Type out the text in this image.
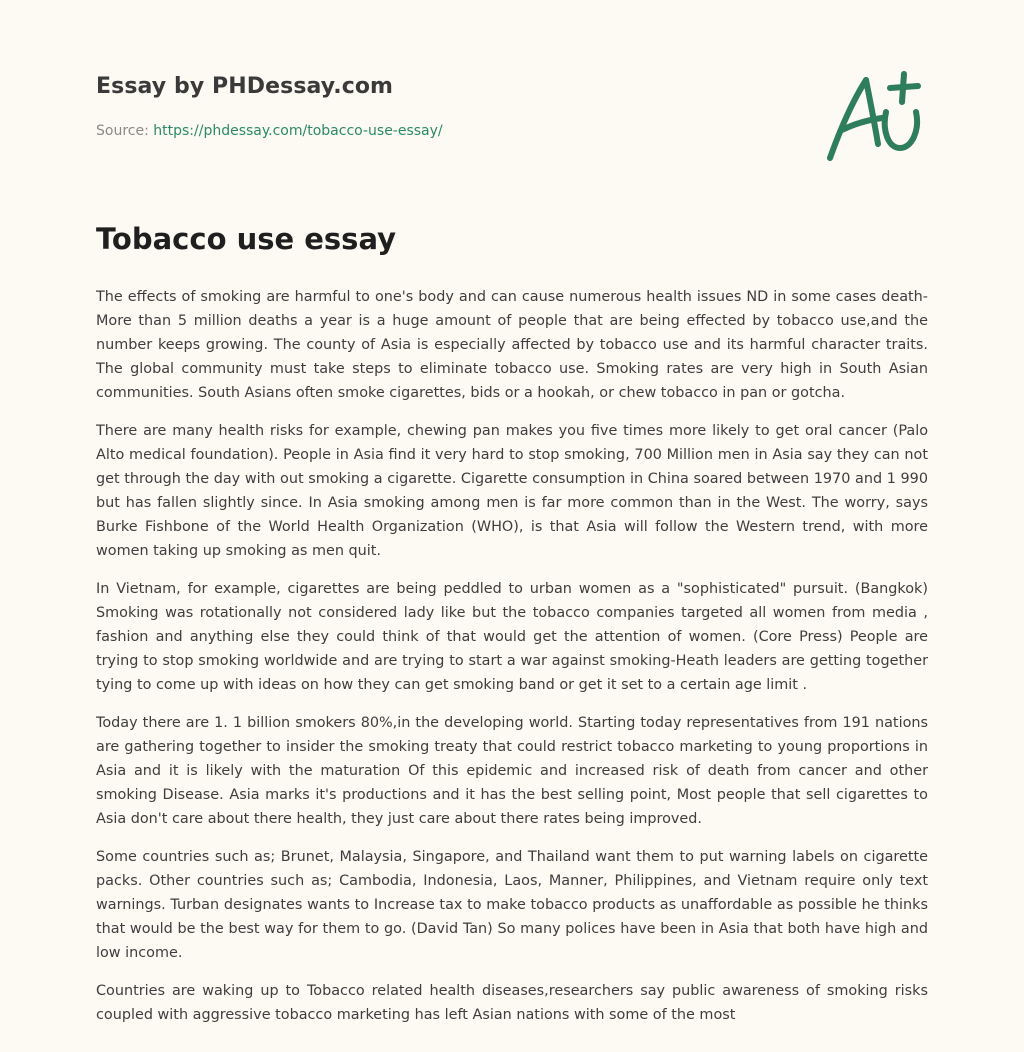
Essay by PHDessay.com
Source: https://phdessay.com/tobacco-use-essay/
Tobacco use essay

The effects of smoking are harmful to one's body and can cause numerous health issues ND in some cases death-More than 5 million deaths a year is a huge amount of people that are being effected by tobacco use,and the number keeps growing. The county of Asia is especially affected by tobacco use and its harmful character traits. The global community must take steps to eliminate tobacco use. Smoking rates are very high in South Asian communities. South Asians often smoke cigarettes, bids or a hookah, or chew tobacco in pan or gotcha.

There are many health risks for example, chewing pan makes you five times more likely to get oral cancer (Palo Alto medical foundation). People in Asia find it very hard to stop smoking, 700 Million men in Asia say they can not get through the day with out smoking a cigarette. Cigarette consumption in China soared between 1970 and 1 990 but has fallen slightly since. In Asia smoking among men is far more common than in the West. The worry, says Burke Fishbone of the World Health Organization (WHO), is that Asia will follow the Western trend, with more women taking up smoking as men quit.

In Vietnam, for example, cigarettes are being peddled to urban women as a "sophisticated" pursuit. (Bangkok) Smoking was rotationally not considered lady like but the tobacco companies targeted all women from media , fashion and anything else they could think of that would get the attention of women. (Core Press) People are trying to stop smoking worldwide and are trying to start a war against smoking-Heath leaders are getting together tying to come up with ideas on how they can get smoking band or get it set to a certain age limit .

Today there are 1. 1 billion smokers 80%,in the developing world. Starting today representatives from 191 nations are gathering together to insider the smoking treaty that could restrict tobacco marketing to young proportions in Asia and it is likely with the maturation Of this epidemic and increased risk of death from cancer and other smoking Disease. Asia marks it's productions and it has the best selling point, Most people that sell cigarettes to Asia don't care about there health, they just care about there rates being improved.

Some countries such as; Brunet, Malaysia, Singapore, and Thailand want them to put warning labels on cigarette packs. Other countries such as; Cambodia, Indonesia, Laos, Manner, Philippines, and Vietnam require only text warnings. Turban designates wants to Increase tax to make tobacco products as unaffordable as possible he thinks that would be the best way for them to go. (David Tan) So many polices have been in Asia that both have high and low income.

Countries are waking up to Tobacco related health diseases,researchers say public awareness of smoking risks coupled with aggressive tobacco marketing has left Asian nations with some of the most
